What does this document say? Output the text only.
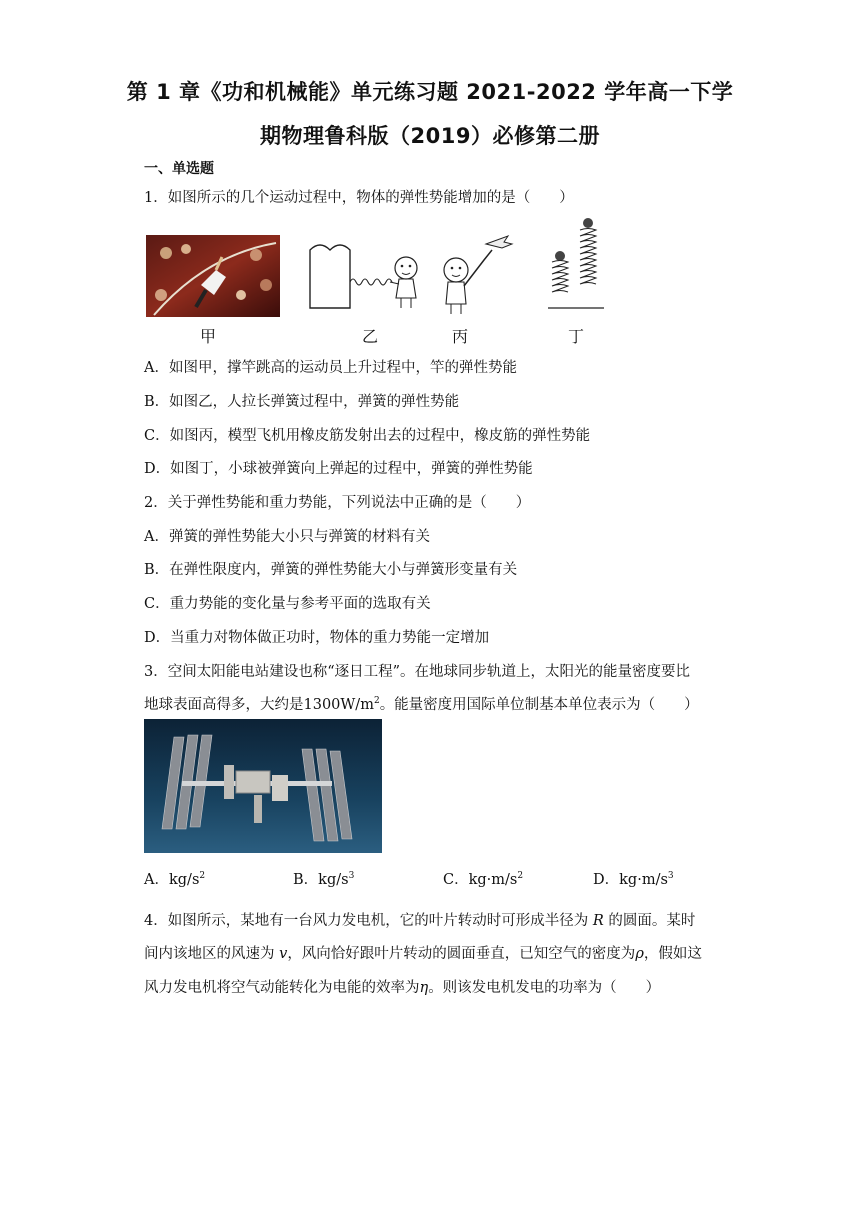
第 1 章《功和机械能》单元练习题 2021-2022 学年高一下学
期物理鲁科版（2019）必修第二册
一、单选题
1．如图所示的几个运动过程中，物体的弹性势能增加的是（　　）
甲	乙	丙	丁
A．如图甲，撑竿跳高的运动员上升过程中，竿的弹性势能
B．如图乙，人拉长弹簧过程中，弹簧的弹性势能
C．如图丙，模型飞机用橡皮筋发射出去的过程中，橡皮筋的弹性势能
D．如图丁，小球被弹簧向上弹起的过程中，弹簧的弹性势能
2．关于弹性势能和重力势能，下列说法中正确的是（　　）
A．弹簧的弹性势能大小只与弹簧的材料有关
B．在弹性限度内，弹簧的弹性势能大小与弹簧形变量有关
C．重力势能的变化量与参考平面的选取有关
D．当重力对物体做正功时，物体的重力势能一定增加
3．空间太阳能电站建设也称“逐日工程”。在地球同步轨道上，太阳光的能量密度要比
地球表面高得多，大约是$1300W/m^2$。能量密度用国际单位制基本单位表示为（　　）
A．$kg/s^2$	B．$kg/s^3$	C．$kg\cdot m/s^2$	D．$kg\cdot m/s^3$
4．如图所示，某地有一台风力发电机，它的叶片转动时可形成半径为 R 的圆面。某时
间内该地区的风速为 v，风向恰好跟叶片转动的圆面垂直，已知空气的密度为ρ，假如这
风力发电机将空气动能转化为电能的效率为η。则该发电机发电的功率为（　　）
